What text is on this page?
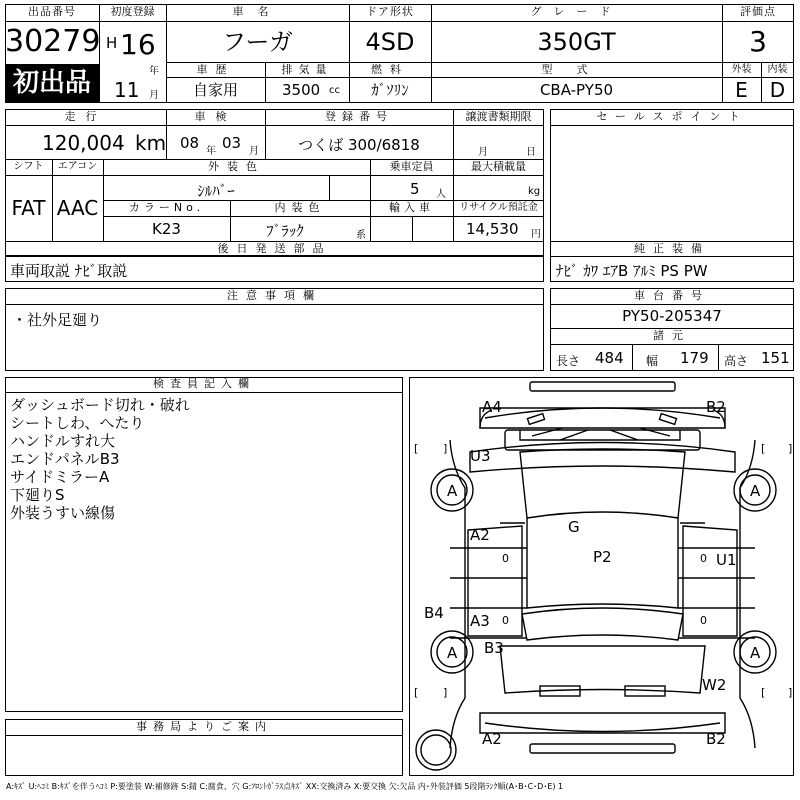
出品番号
30279
初出品
初度登録
H 16
年
11 月
車名
フーガ
ドア形状
4SD
グレード
350GT
評価点
3
車歴
自家用
排気量
3500 cc
燃料
ｶﾞｿﾘﾝ
型式
CBA-PY50
外装	内装
E	D
走行
120,004 km
車検
08 年 03 月
登録番号
つくば 300/6818
譲渡書類期限
月	日
シフト
FAT
エアコン
AAC
外装色
ｼﾙﾊﾞｰ
乗車定員
5 人
最大積載量
kg
カラーNo.
K23
内装色
ﾌﾞﾗｯｸ	系
輸入車	リサイクル預託金
14,530 円
後日発送部品
車両取説 ﾅﾋﾞ取説
セールスポイント
純正装備
ﾅﾋﾞ ｶﾜ ｴｱB ｱﾙﾐ PS PW
注意事項欄
・社外足廻り
車台番号
PY50-205347
諸元
長さ 484 幅 179 高さ 151
検査員記入欄
ダッシュボード切れ・破れ
シートしわ、へたり
ハンドルすれ大
エンドパネルB3
サイドミラーA
下廻りS
外装うすい線傷
事務局よりご案内
A4	B2
U3
A	A
G
A2
P2	U1
0	0
B4 A3 0	0
B3
A	A
W2
A2	B2
[ ]	[ ]
[ ]	[ ]
A:ｷｽﾞ U:ﾍｺﾐ B:ｷｽﾞを伴うﾍｺﾐ P:要塗装 W:補修跡 S:錆 C:腐食、穴 G:ﾌﾛﾝﾄｶﾞﾗｽ点ｷｽﾞ XX:交換済み X:要交換 欠:欠品 内･外装評価 5段階ﾗﾝｸ順(A･B･C･D･E) 1
